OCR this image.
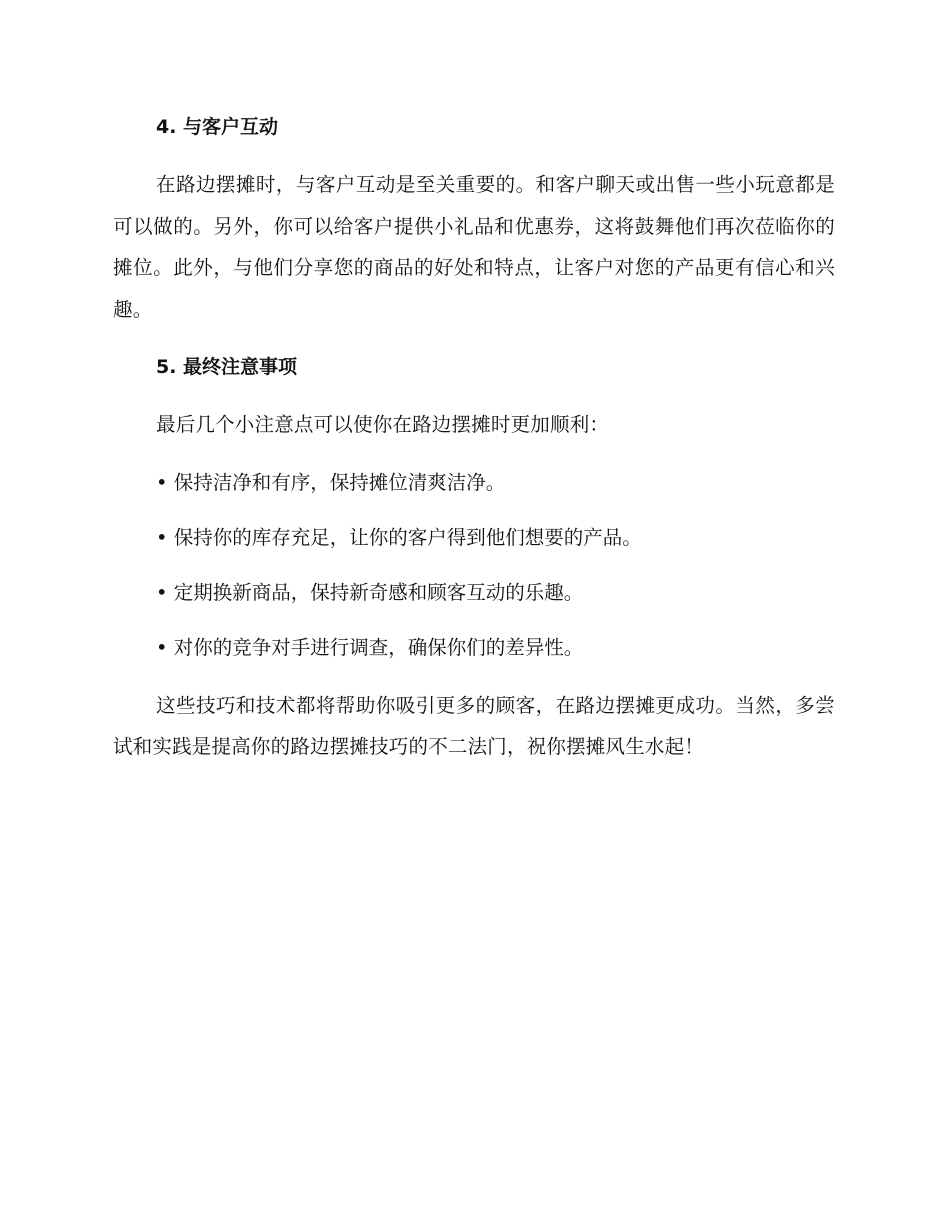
4. 与客户互动

在路边摆摊时，与客户互动是至关重要的。和客户聊天或出售一些小玩意都是可以做的。另外，你可以给客户提供小礼品和优惠券，这将鼓舞他们再次莅临你的摊位。此外，与他们分享您的商品的好处和特点，让客户对您的产品更有信心和兴趣。

5. 最终注意事项

最后几个小注意点可以使你在路边摆摊时更加顺利：

• 保持洁净和有序，保持摊位清爽洁净。

• 保持你的库存充足，让你的客户得到他们想要的产品。

• 定期换新商品，保持新奇感和顾客互动的乐趣。

• 对你的竞争对手进行调查，确保你们的差异性。

这些技巧和技术都将帮助你吸引更多的顾客，在路边摆摊更成功。当然，多尝试和实践是提高你的路边摆摊技巧的不二法门，祝你摆摊风生水起！
